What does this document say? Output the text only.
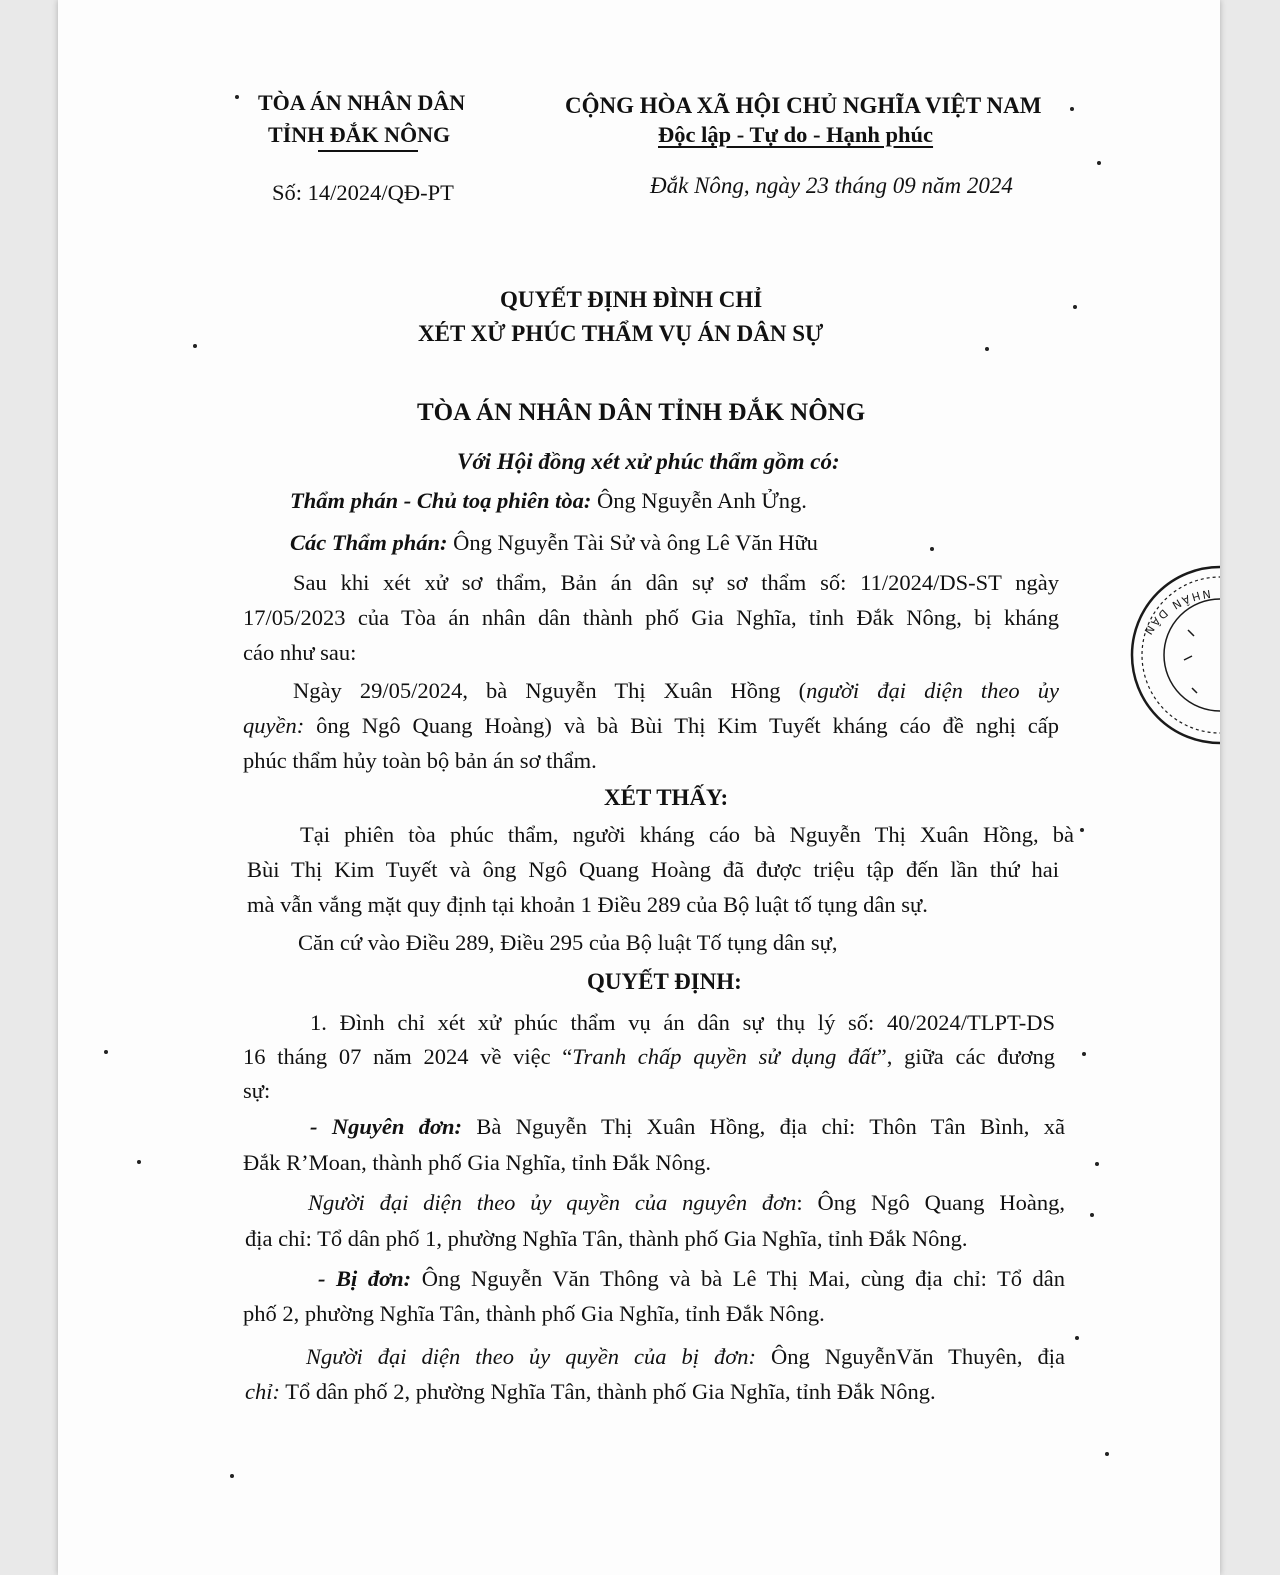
TÒA ÁN NHÂN DÂN
TỈNH ĐẮK NÔNG
Số: 14/2024/QĐ-PT
CỘNG HÒA XÃ HỘI CHỦ NGHĨA VIỆT NAM
Độc lập - Tự do - Hạnh phúc
Đắk Nông, ngày 23 tháng 09 năm 2024
QUYẾT ĐỊNH ĐÌNH CHỈ
XÉT XỬ PHÚC THẨM VỤ ÁN DÂN SỰ
TÒA ÁN NHÂN DÂN TỈNH ĐẮK NÔNG
Với Hội đồng xét xử phúc thẩm gồm có:
Thẩm phán - Chủ toạ phiên tòa: Ông Nguyễn Anh Ửng.
Các Thẩm phán: Ông Nguyễn Tài Sử và ông Lê Văn Hữu
Sau khi xét xử sơ thẩm, Bản án dân sự sơ thẩm số: 11/2024/DS-ST ngày
17/05/2023 của Tòa án nhân dân thành phố Gia Nghĩa, tỉnh Đắk Nông, bị kháng
cáo như sau:
Ngày 29/05/2024, bà Nguyễn Thị Xuân Hồng (người đại diện theo ủy
quyền: ông Ngô Quang Hoàng) và bà Bùi Thị Kim Tuyết kháng cáo đề nghị cấp
phúc thẩm hủy toàn bộ bản án sơ thẩm.
XÉT THẤY:
Tại phiên tòa phúc thẩm, người kháng cáo bà Nguyễn Thị Xuân Hồng, bà
Bùi Thị Kim Tuyết và ông Ngô Quang Hoàng đã được triệu tập đến lần thứ hai
mà vẫn vắng mặt quy định tại khoản 1 Điều 289 của Bộ luật tố tụng dân sự.
Căn cứ vào Điều 289, Điều 295 của Bộ luật Tố tụng dân sự,
QUYẾT ĐỊNH:
1. Đình chỉ xét xử phúc thẩm vụ án dân sự thụ lý số: 40/2024/TLPT-DS
16 tháng 07 năm 2024 về việc “Tranh chấp quyền sử dụng đất”, giữa các đương
sự:
- Nguyên đơn: Bà Nguyễn Thị Xuân Hồng, địa chỉ: Thôn Tân Bình, xã
Đắk R’Moan, thành phố Gia Nghĩa, tỉnh Đắk Nông.
Người đại diện theo ủy quyền của nguyên đơn: Ông Ngô Quang Hoàng,
địa chỉ: Tổ dân phố 1, phường Nghĩa Tân, thành phố Gia Nghĩa, tỉnh Đắk Nông.
- Bị đơn: Ông Nguyễn Văn Thông và bà Lê Thị Mai, cùng địa chỉ: Tổ dân
phố 2, phường Nghĩa Tân, thành phố Gia Nghĩa, tỉnh Đắk Nông.
Người đại diện theo ủy quyền của bị đơn: Ông NguyễnVăn Thuyên, địa
chỉ: Tổ dân phố 2, phường Nghĩa Tân, thành phố Gia Nghĩa, tỉnh Đắk Nông.
NHÂN DÂN
